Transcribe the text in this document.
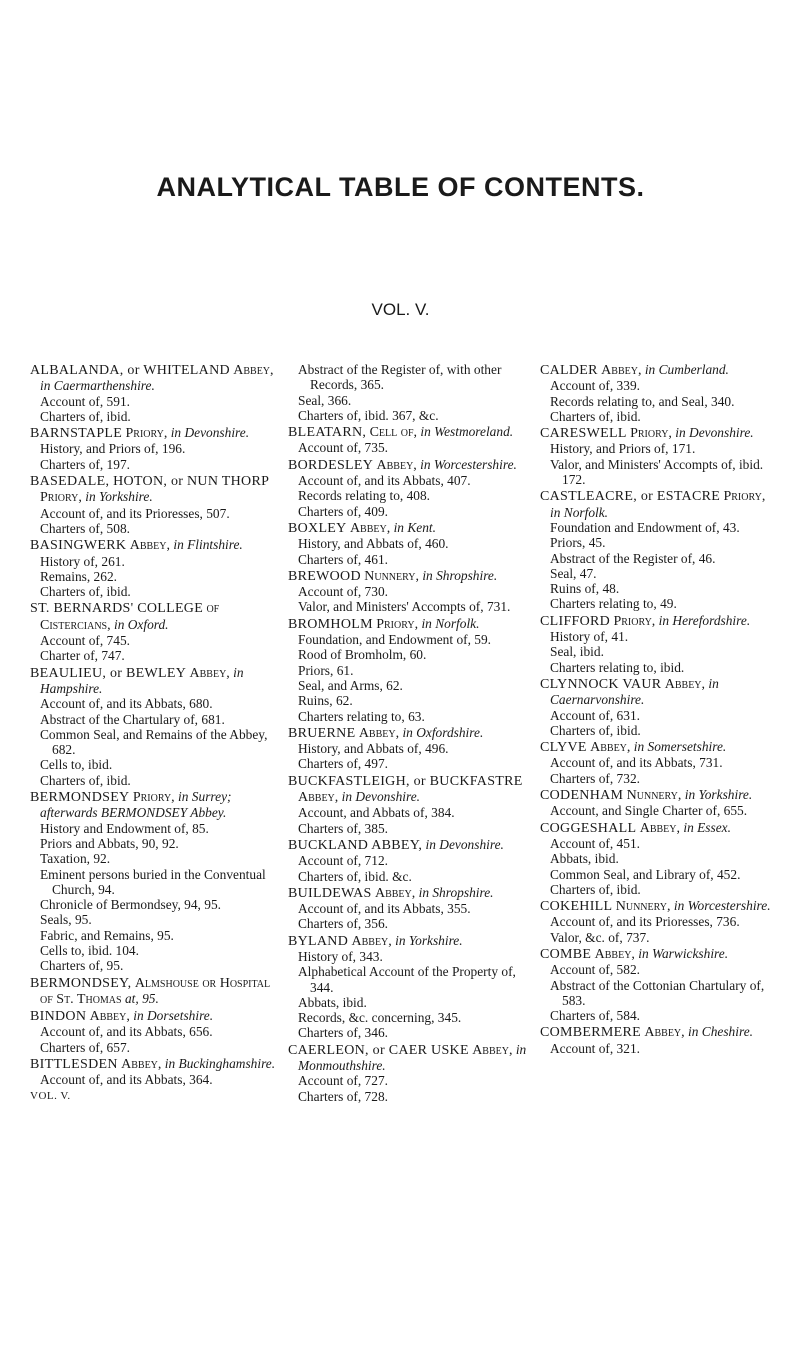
ANALYTICAL TABLE OF CONTENTS.
VOL. V.
ALBALANDA, or WHITELAND Abbey, in Caermarthenshire.
Account of, 591.
Charters of, ibid.
BARNSTAPLE Priory, in Devonshire.
History, and Priors of, 196.
Charters of, 197.
BASEDALE, HOTON, or NUN THORP Priory, in Yorkshire.
Account of, and its Prioresses, 507.
Charters of, 508.
BASINGWERK Abbey, in Flintshire.
History of, 261.
Remains, 262.
Charters of, ibid.
ST. BERNARDS' COLLEGE of Cistercians, in Oxford.
Account of, 745.
Charter of, 747.
BEAULIEU, or BEWLEY Abbey, in Hampshire.
Account of, and its Abbats, 680.
Abstract of the Chartulary of, 681.
Common Seal, and Remains of the Abbey, 682.
Cells to, ibid.
Charters of, ibid.
BERMONDSEY Priory, in Surrey; afterwards BERMONDSEY Abbey.
History and Endowment of, 85.
Priors and Abbats, 90, 92.
Taxation, 92.
Eminent persons buried in the Conventual Church, 94.
Chronicle of Bermondsey, 94, 95.
Seals, 95.
Fabric, and Remains, 95.
Cells to, ibid. 104.
Charters of, 95.
BERMONDSEY, Almshouse or Hospital of St. Thomas at, 95.
BINDON Abbey, in Dorsetshire.
Account of, and its Abbats, 656.
Charters of, 657.
BITTLESDEN Abbey, in Buckinghamshire.
Account of, and its Abbats, 364.
VOL. V.
Abstract of the Register of, with other Records, 365.
Seal, 366.
Charters of, ibid. 367, &c.
BLEATARN, Cell of, in Westmoreland.
Account of, 735.
BORDESLEY Abbey, in Worcestershire.
Account of, and its Abbats, 407.
Records relating to, 408.
Charters of, 409.
BOXLEY Abbey, in Kent.
History, and Abbats of, 460.
Charters of, 461.
BREWOOD Nunnery, in Shropshire.
Account of, 730.
Valor, and Ministers' Accompts of, 731.
BROMHOLM Priory, in Norfolk.
Foundation, and Endowment of, 59.
Rood of Bromholm, 60.
Priors, 61.
Seal, and Arms, 62.
Ruins, 62.
Charters relating to, 63.
BRUERNE Abbey, in Oxfordshire.
History, and Abbats of, 496.
Charters of, 497.
BUCKFASTLEIGH, or BUCKFASTRE Abbey, in Devonshire.
Account, and Abbats of, 384.
Charters of, 385.
BUCKLAND ABBEY, in Devonshire.
Account of, 712.
Charters of, ibid. &c.
BUILDEWAS Abbey, in Shropshire.
Account of, and its Abbats, 355.
Charters of, 356.
BYLAND Abbey, in Yorkshire.
History of, 343.
Alphabetical Account of the Property of, 344.
Abbats, ibid.
Records, &c. concerning, 345.
Charters of, 346.
CAERLEON, or CAER USKE Abbey, in Monmouthshire.
Account of, 727.
Charters of, 728.
CALDER Abbey, in Cumberland.
Account of, 339.
Records relating to, and Seal, 340.
Charters of, ibid.
CARESWELL Priory, in Devonshire.
History, and Priors of, 171.
Valor, and Ministers' Accompts of, ibid. 172.
CASTLEACRE, or ESTACRE Priory, in Norfolk.
Foundation and Endowment of, 43.
Priors, 45.
Abstract of the Register of, 46.
Seal, 47.
Ruins of, 48.
Charters relating to, 49.
CLIFFORD Priory, in Herefordshire.
History of, 41.
Seal, ibid.
Charters relating to, ibid.
CLYNNOCK VAUR Abbey, in Caernarvonshire.
Account of, 631.
Charters of, ibid.
CLYVE Abbey, in Somersetshire.
Account of, and its Abbats, 731.
Charters of, 732.
CODENHAM Nunnery, in Yorkshire.
Account, and Single Charter of, 655.
COGGESHALL Abbey, in Essex.
Account of, 451.
Abbats, ibid.
Common Seal, and Library of, 452.
Charters of, ibid.
COKEHILL Nunnery, in Worcestershire.
Account of, and its Prioresses, 736.
Valor, &c. of, 737.
COMBE Abbey, in Warwickshire.
Account of, 582.
Abstract of the Cottonian Chartulary of, 583.
Charters of, 584.
COMBERMERE Abbey, in Cheshire.
Account of, 321.
